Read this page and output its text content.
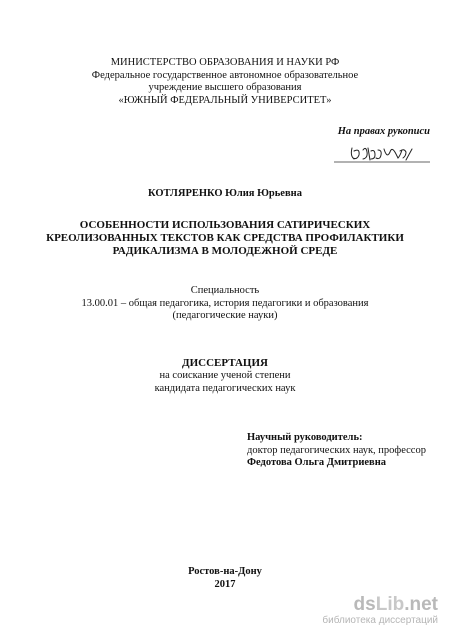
МИНИСТЕРСТВО ОБРАЗОВАНИЯ И НАУКИ РФ
Федеральное государственное автономное образовательное
учреждение высшего образования
«ЮЖНЫЙ ФЕДЕРАЛЬНЫЙ УНИВЕРСИТЕТ»
На правах рукописи
КОТЛЯРЕНКО Юлия Юрьевна
ОСОБЕННОСТИ ИСПОЛЬЗОВАНИЯ САТИРИЧЕСКИХ
КРЕОЛИЗОВАННЫХ ТЕКСТОВ КАК СРЕДСТВА ПРОФИЛАКТИКИ
РАДИКАЛИЗМА В МОЛОДЕЖНОЙ СРЕДЕ
Специальность
13.00.01 – общая педагогика, история педагогики и образования
(педагогические науки)
ДИССЕРТАЦИЯ
на соискание ученой степени
кандидата педагогических наук
Научный руководитель:
доктор педагогических наук, профессор
Федотова Ольга Дмитриевна
Ростов-на-Дону
2017
dsLib.net
библиотека диссертаций
